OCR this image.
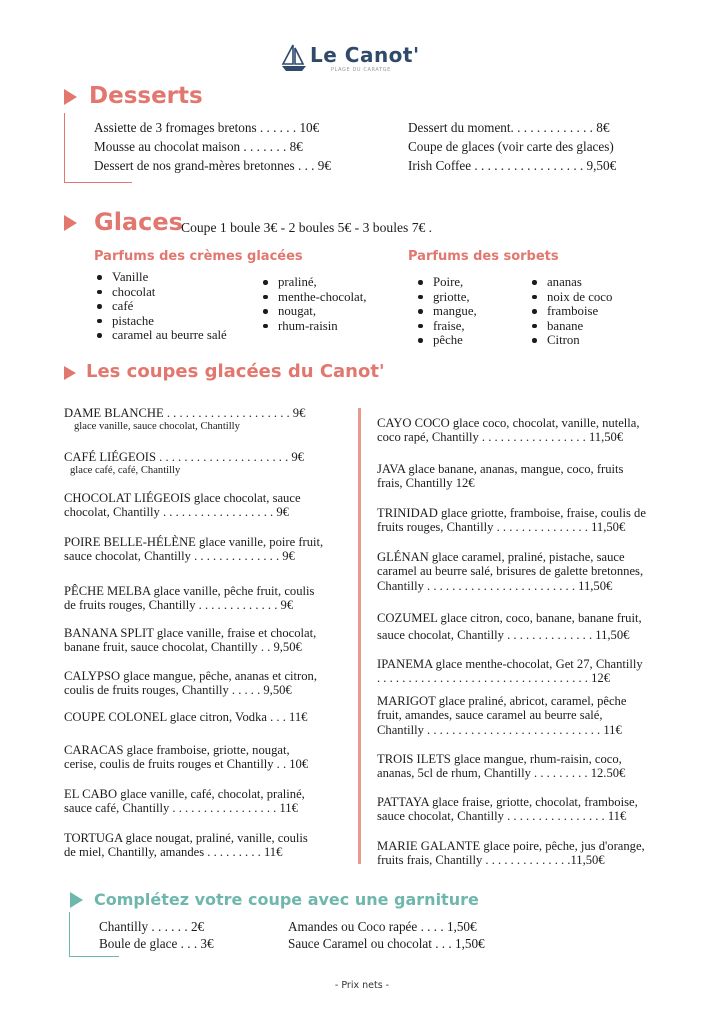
Le Canot'
PLAGE DU CARATGE
Desserts
Assiette de 3 fromages bretons . . . . . . 10€
Mousse au chocolat maison . . . . . . . 8€
Dessert de nos grand-mères bretonnes . . . 9€
Dessert du moment. . . . . . . . . . . . . 8€
Coupe de glaces (voir carte des glaces)
Irish Coffee . . . . . . . . . . . . . . . . . 9,50€
Glaces
Coupe 1 boule 3€ - 2 boules 5€ - 3 boules 7€ .
Parfums des crèmes glacées
Vanille
chocolat
café
pistache
caramel au beurre salé
praliné,
menthe-chocolat,
nougat,
rhum-raisin
Parfums des sorbets
Poire,
griotte,
mangue,
fraise,
pêche
ananas
noix de coco
framboise
banane
Citron
Les coupes glacées du Canot'
DAME BLANCHE . . . . . . . . . . . . . . . . . . . . 9€
glace vanille, sauce chocolat, Chantilly
CAFÉ LIÉGEOIS . . . . . . . . . . . . . . . . . . . . . 9€
glace café, café, Chantilly
CHOCOLAT LIÉGEOIS glace chocolat, sauce
chocolat, Chantilly . . . . . . . . . . . . . . . . . . 9€
POIRE BELLE-HÉLÈNE glace vanille, poire fruit,
sauce chocolat, Chantilly . . . . . . . . . . . . . . 9€
PÊCHE MELBA glace vanille, pêche fruit, coulis
de fruits rouges, Chantilly . . . . . . . . . . . . . 9€
BANANA SPLIT glace vanille, fraise et chocolat,
banane fruit, sauce chocolat, Chantilly . . 9,50€
CALYPSO glace mangue, pêche, ananas et citron,
coulis de fruits rouges, Chantilly . . . . . 9,50€
COUPE COLONEL glace citron, Vodka . . . 11€
CARACAS glace framboise, griotte, nougat,
cerise, coulis de fruits rouges et Chantilly . . 10€
EL CABO glace vanille, café, chocolat, praliné,
sauce café, Chantilly . . . . . . . . . . . . . . . . . 11€
TORTUGA glace nougat, praliné, vanille, coulis
de miel, Chantilly, amandes . . . . . . . . . 11€
CAYO COCO glace coco, chocolat, vanille, nutella,
coco rapé, Chantilly . . . . . . . . . . . . . . . . . 11,50€
JAVA glace banane, ananas, mangue, coco, fruits
frais, Chantilly 12€
TRINIDAD glace griotte, framboise, fraise, coulis de
fruits rouges, Chantilly . . . . . . . . . . . . . . . 11,50€
GLÉNAN glace caramel, praliné, pistache, sauce
caramel au beurre salé, brisures de galette bretonnes,
Chantilly . . . . . . . . . . . . . . . . . . . . . . . . 11,50€
COZUMEL glace citron, coco, banane, banane fruit,
sauce chocolat, Chantilly . . . . . . . . . . . . . . 11,50€
IPANEMA glace menthe-chocolat, Get 27, Chantilly
. . . . . . . . . . . . . . . . . . . . . . . . . . . . . . . . . . 12€
MARIGOT glace praliné, abricot, caramel, pêche
fruit, amandes, sauce caramel au beurre salé,
Chantilly . . . . . . . . . . . . . . . . . . . . . . . . . . . . 11€
TROIS ILETS glace mangue, rhum-raisin, coco,
ananas, 5cl de rhum, Chantilly . . . . . . . . . 12.50€
PATTAYA glace fraise, griotte, chocolat, framboise,
sauce chocolat, Chantilly . . . . . . . . . . . . . . . . 11€
MARIE GALANTE glace poire, pêche, jus d'orange,
fruits frais, Chantilly . . . . . . . . . . . . . .11,50€
Complétez votre coupe avec une garniture
Chantilly . . . . . . 2€
Boule de glace . . . 3€
Amandes ou Coco rapée . . . . 1,50€
Sauce Caramel ou chocolat . . . 1,50€
- Prix nets -
